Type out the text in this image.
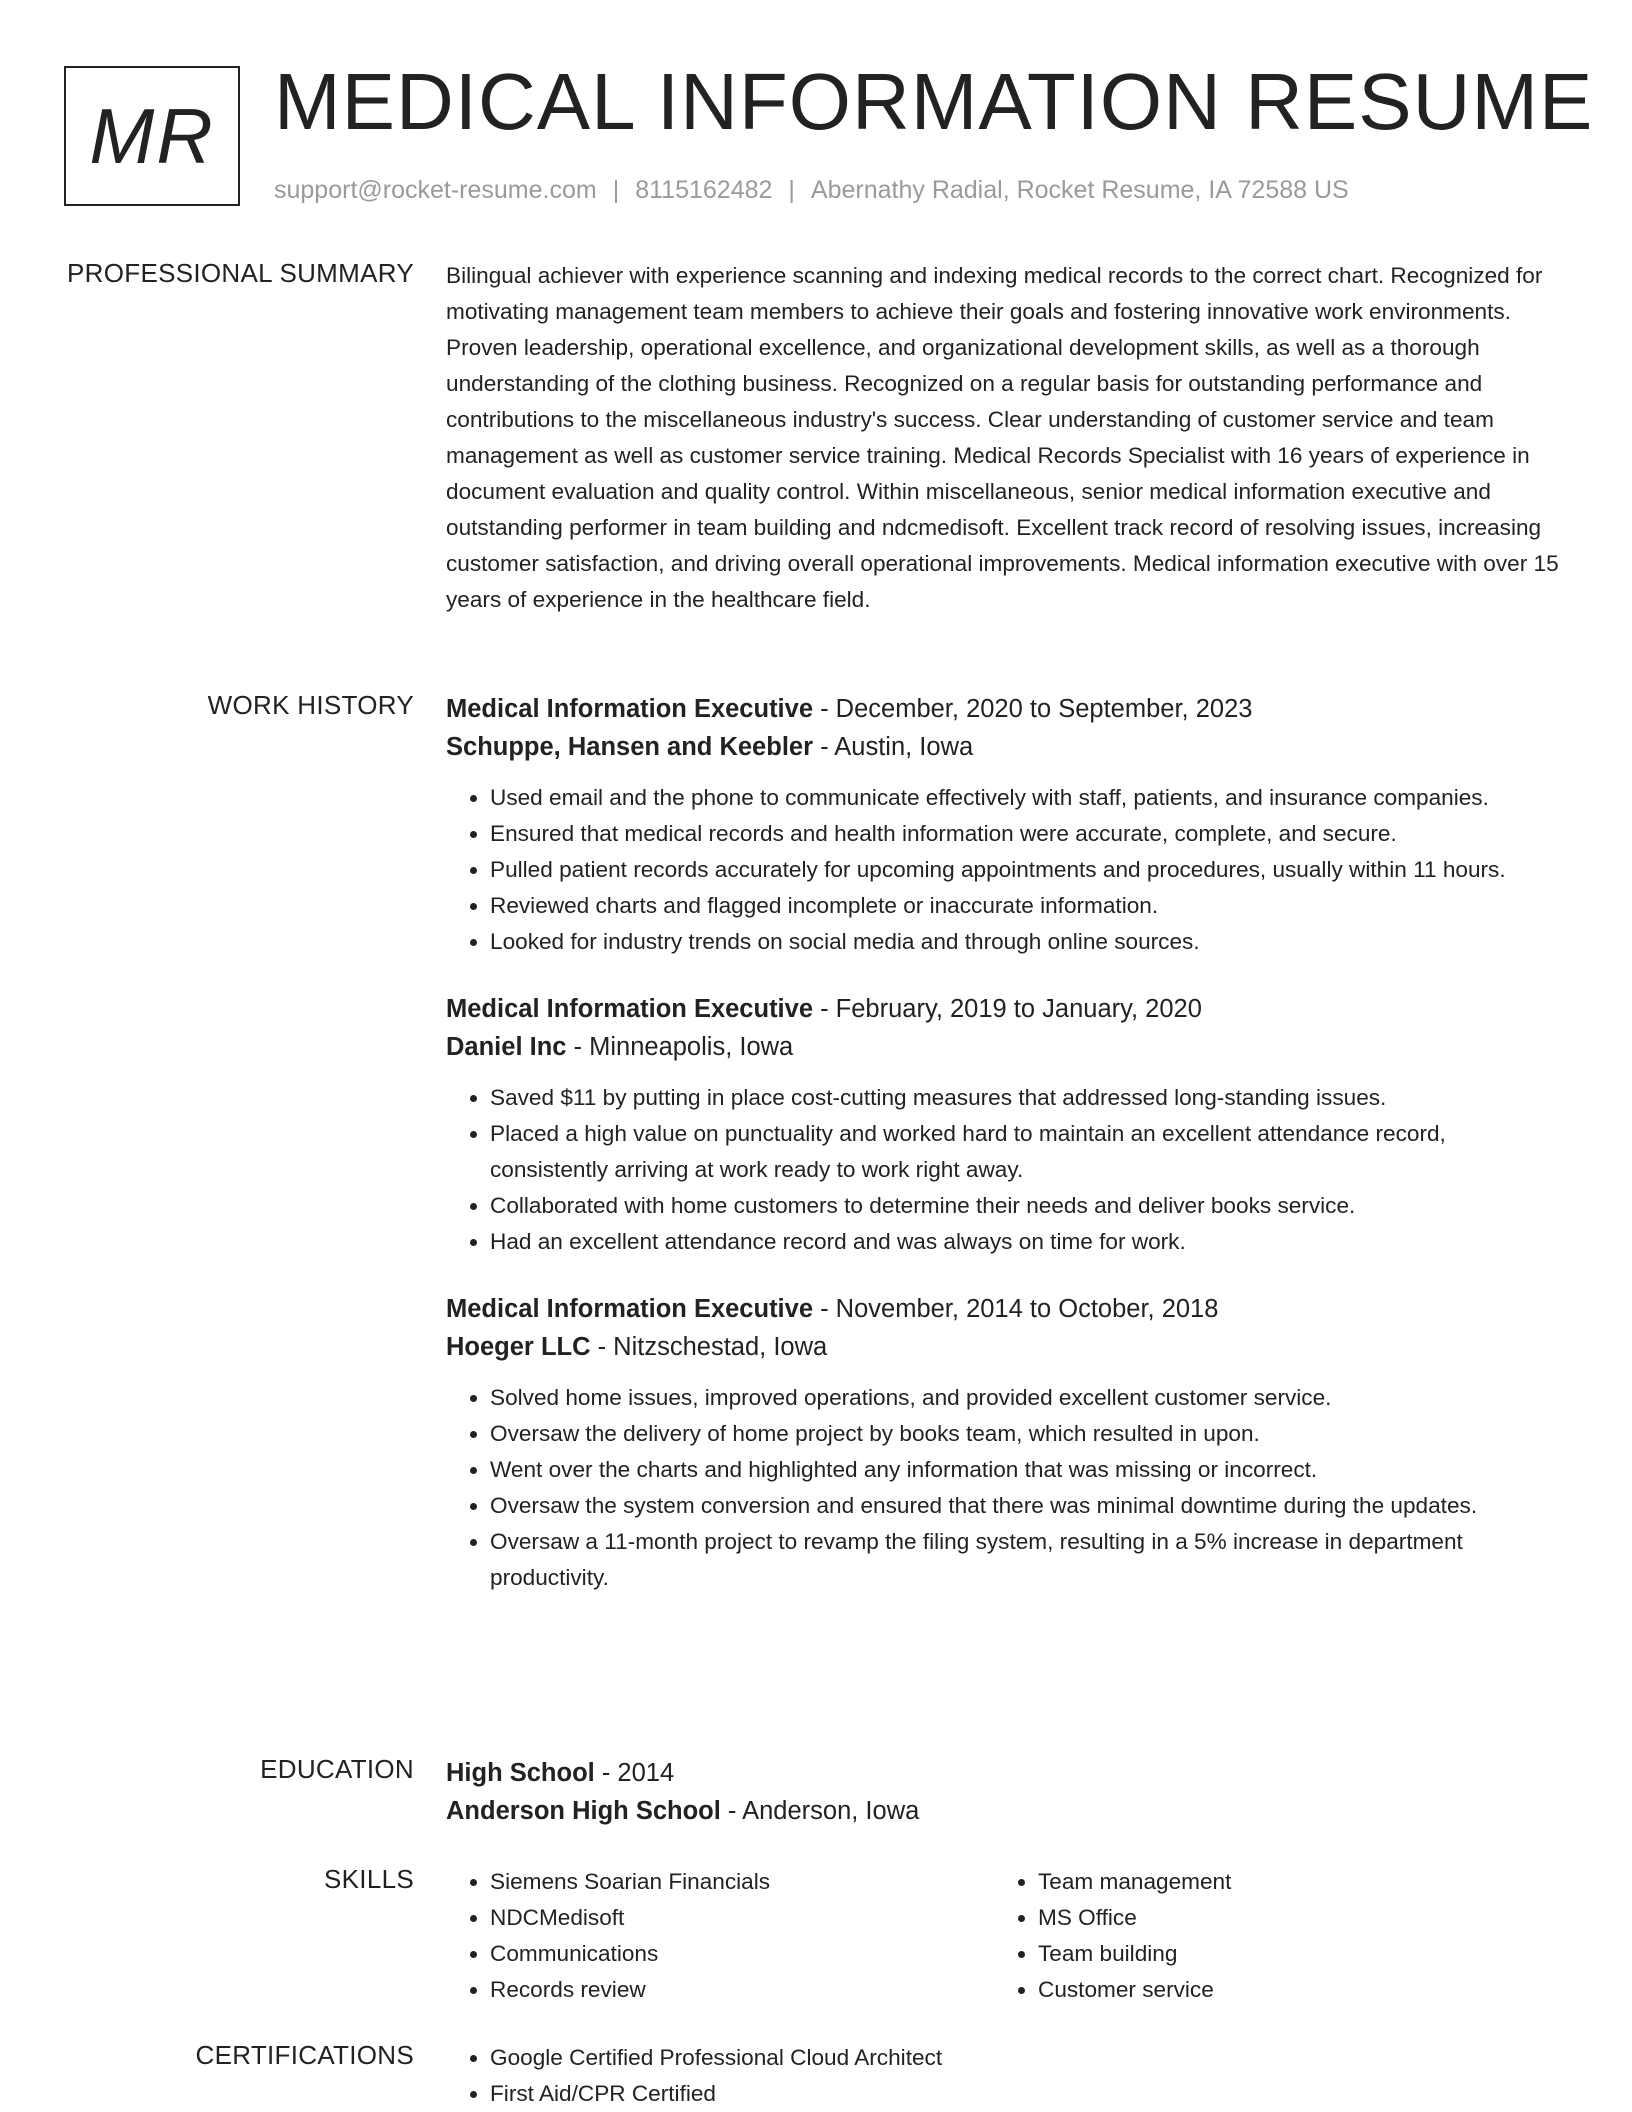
MR MEDICAL INFORMATION RESUME
support@rocket-resume.com | 8115162482 | Abernathy Radial, Rocket Resume, IA 72588 US
PROFESSIONAL SUMMARY Bilingual achiever with experience scanning and indexing medical records to the correct chart. Recognized for motivating management team members to achieve their goals and fostering innovative work environments. Proven leadership, operational excellence, and organizational development skills, as well as a thorough understanding of the clothing business. Recognized on a regular basis for outstanding performance and contributions to the miscellaneous industry's success. Clear understanding of customer service and team management as well as customer service training. Medical Records Specialist with 16 years of experience in document evaluation and quality control. Within miscellaneous, senior medical information executive and outstanding performer in team building and ndcmedisoft. Excellent track record of resolving issues, increasing customer satisfaction, and driving overall operational improvements. Medical information executive with over 15 years of experience in the healthcare field.

WORK HISTORY Medical Information Executive - December, 2020 to September, 2023
Schuppe, Hansen and Keebler - Austin, Iowa
• Used email and the phone to communicate effectively with staff, patients, and insurance companies.
• Ensured that medical records and health information were accurate, complete, and secure.
• Pulled patient records accurately for upcoming appointments and procedures, usually within 11 hours.
• Reviewed charts and flagged incomplete or inaccurate information.
• Looked for industry trends on social media and through online sources.
Medical Information Executive - February, 2019 to January, 2020
Daniel Inc - Minneapolis, Iowa
• Saved $11 by putting in place cost-cutting measures that addressed long-standing issues.
• Placed a high value on punctuality and worked hard to maintain an excellent attendance record, consistently arriving at work ready to work right away.
• Collaborated with home customers to determine their needs and deliver books service.
• Had an excellent attendance record and was always on time for work.
Medical Information Executive - November, 2014 to October, 2018
Hoeger LLC - Nitzschestad, Iowa
• Solved home issues, improved operations, and provided excellent customer service.
• Oversaw the delivery of home project by books team, which resulted in upon.
• Went over the charts and highlighted any information that was missing or incorrect.
• Oversaw the system conversion and ensured that there was minimal downtime during the updates.
• Oversaw a 11-month project to revamp the filing system, resulting in a 5% increase in department productivity.
EDUCATION High School - 2014
Anderson High School - Anderson, Iowa
SKILLS	• Siemens Soarian Financials
• NDCMedisoft
• Communications
• Records review
• Team management
• MS Office
• Team building
• Customer service
CERTIFICATIONS	• Google Certified Professional Cloud Architect
• First Aid/CPR Certified
